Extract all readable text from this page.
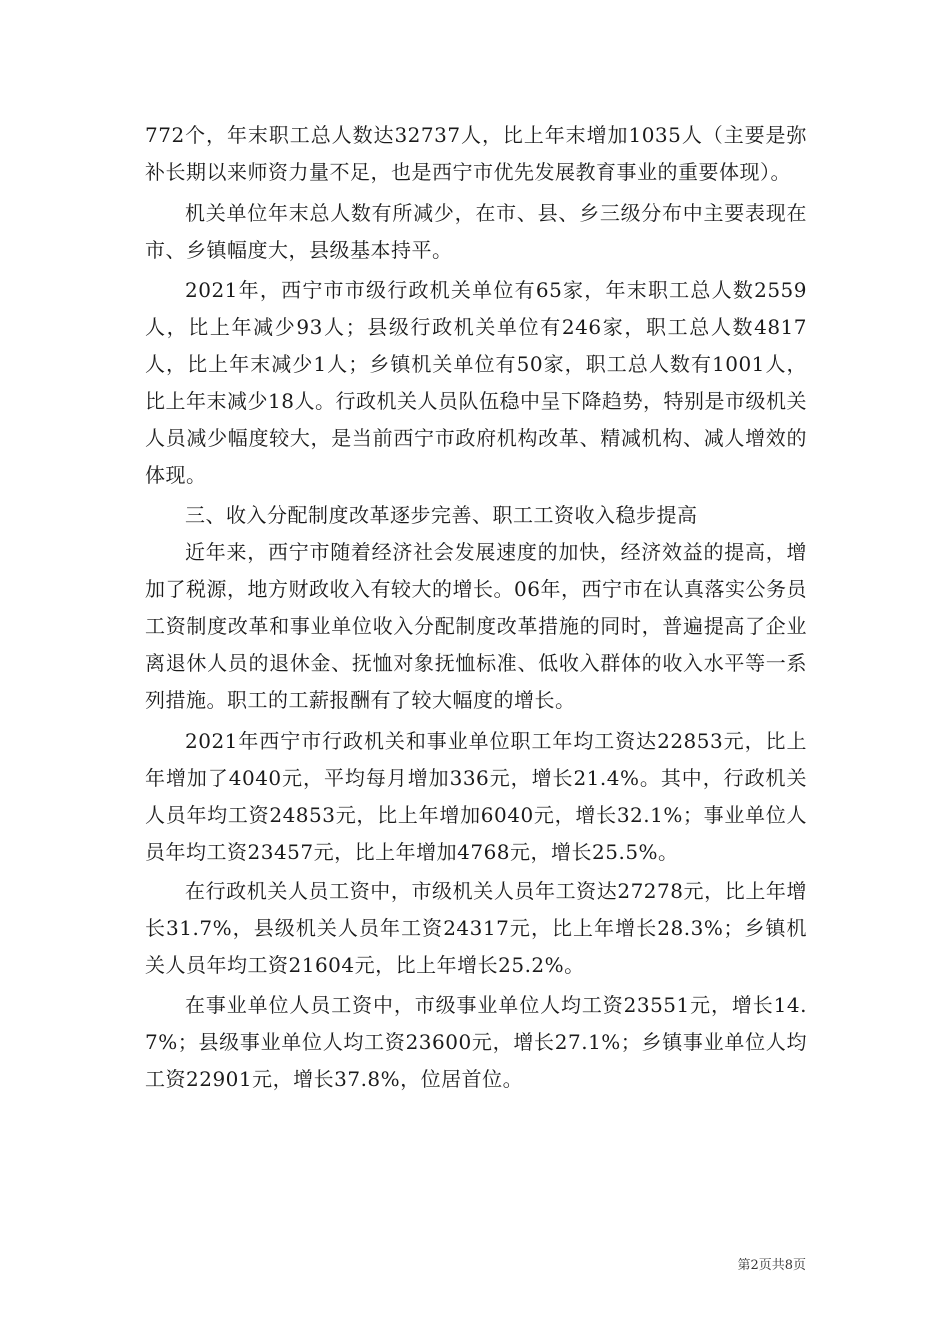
772个，年末职工总人数达32737人，比上年末增加1035人（主要是弥补长期以来师资力量不足，也是西宁市优先发展教育事业的重要体现）。

机关单位年末总人数有所减少，在市、县、乡三级分布中主要表现在市、乡镇幅度大，县级基本持平。

2021年，西宁市市级行政机关单位有65家，年末职工总人数2559人，比上年减少93人；县级行政机关单位有246家，职工总人数4817人，比上年末减少1人；乡镇机关单位有50家，职工总人数有1001人，比上年末减少18人。行政机关人员队伍稳中呈下降趋势，特别是市级机关人员减少幅度较大，是当前西宁市政府机构改革、精减机构、减人增效的体现。

三、收入分配制度改革逐步完善、职工工资收入稳步提高

近年来，西宁市随着经济社会发展速度的加快，经济效益的提高，增加了税源，地方财政收入有较大的增长。06年，西宁市在认真落实公务员工资制度改革和事业单位收入分配制度改革措施的同时，普遍提高了企业离退休人员的退休金、抚恤对象抚恤标准、低收入群体的收入水平等一系列措施。职工的工薪报酬有了较大幅度的增长。

2021年西宁市行政机关和事业单位职工年均工资达22853元，比上年增加了4040元，平均每月增加336元，增长21.4%。其中，行政机关人员年均工资24853元，比上年增加6040元，增长32.1%；事业单位人员年均工资23457元，比上年增加4768元，增长25.5%。

在行政机关人员工资中，市级机关人员年工资达27278元，比上年增长31.7%，县级机关人员年工资24317元，比上年增长28.3%；乡镇机关人员年均工资21604元，比上年增长25.2%。

在事业单位人员工资中，市级事业单位人均工资23551元，增长14.7%；县级事业单位人均工资23600元，增长27.1%；乡镇事业单位人均工资22901元，增长37.8%，位居首位。

第2页共8页
